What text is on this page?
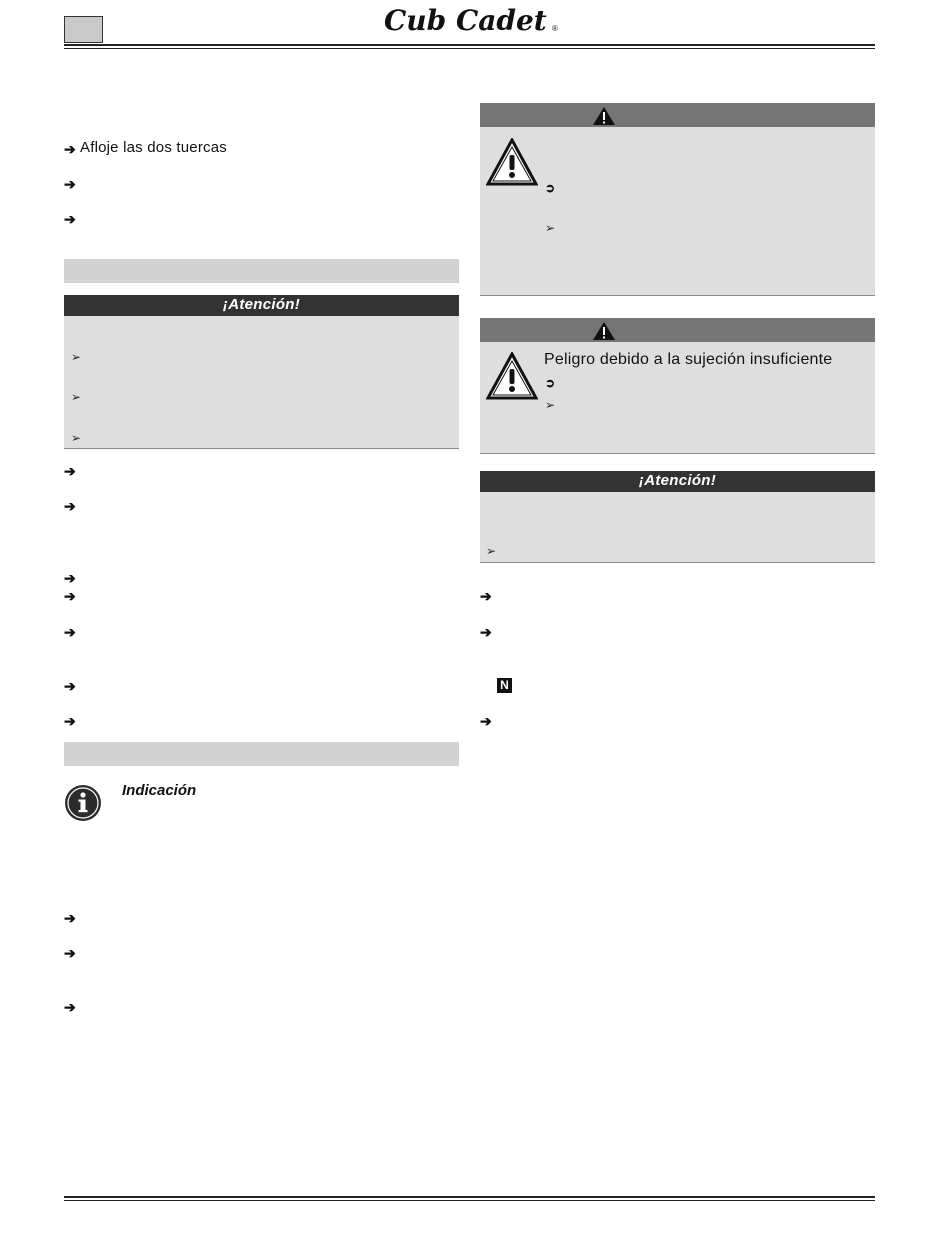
Cub Cadet ®
➔ Afloje las dos tuercas
➔
➔
¡Atención!
➢
➢
➢
➔
➔
➔
➔
➔
➔
➔
Indicación
➔
➔
➔
➲
➢
Peligro debido a la sujeción insuficiente
➲
➢
¡Atención!
➢
➔
➔
N
➔
